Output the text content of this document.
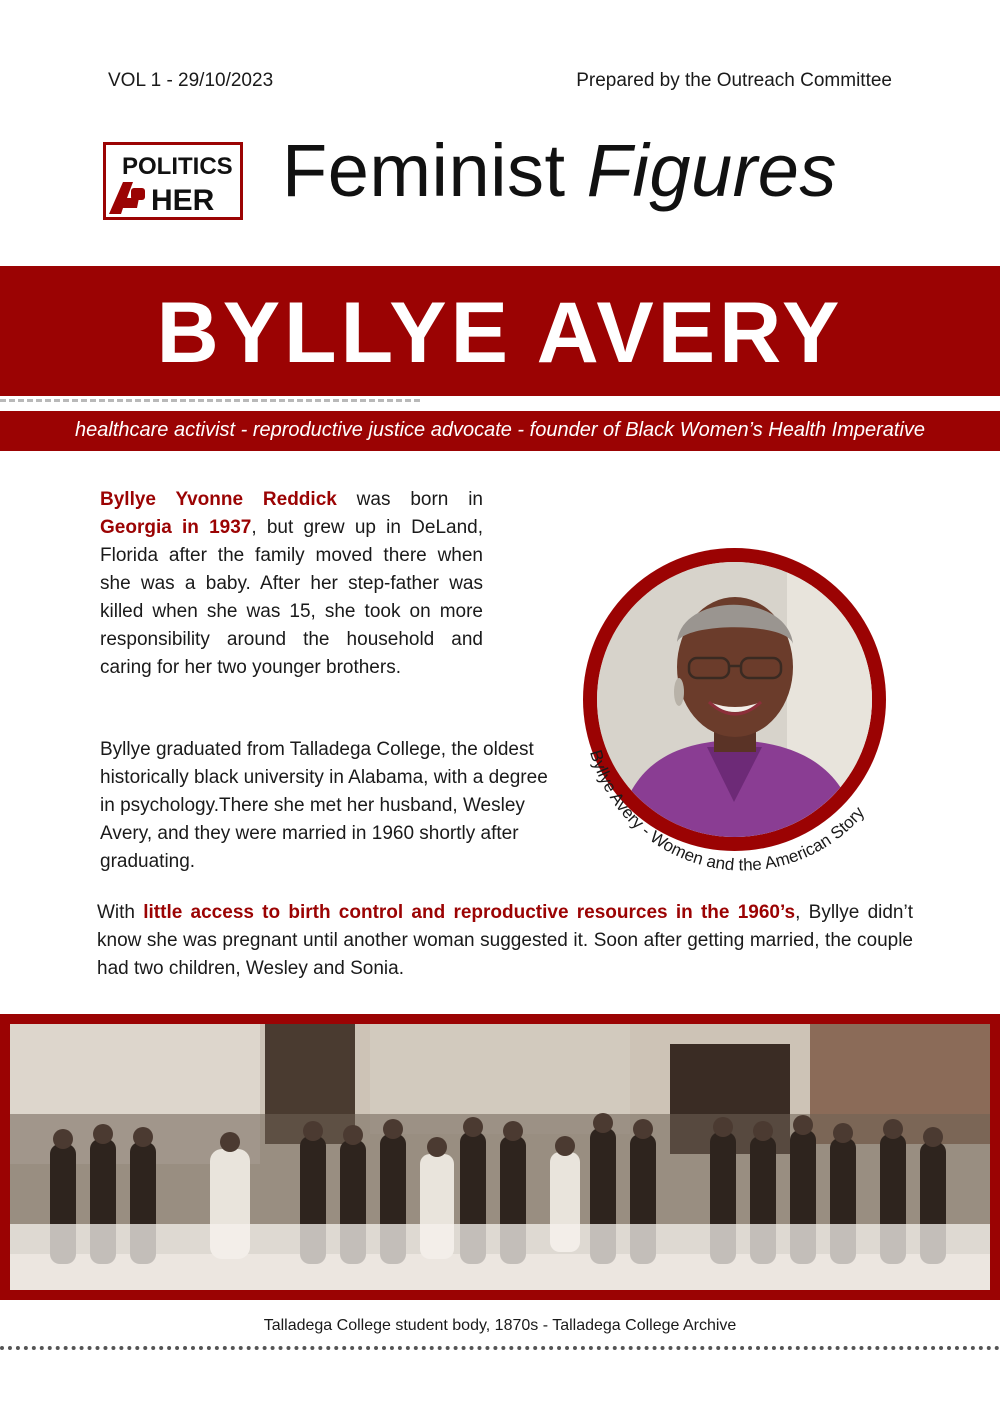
VOL 1 - 29/10/2023	Prepared by the Outreach Committee
POLITICS
HER Feminist Figures
BYLLYE AVERY
healthcare activist - reproductive justice advocate - founder of Black Women’s Health Imperative
Byllye Yvonne Reddick was born in Georgia in 1937, but grew up in DeLand, Florida after the family moved there when she was a baby. After her step-father was killed when she was 15, she took on more responsibility around the household and caring for her two younger brothers.
Byllye graduated from Talladega College, the oldest historically black university in Alabama, with a degree in psychology.There she met her husband, Wesley Avery, and they were married in 1960 shortly after graduating.
Byllye Avery - Women and the American Story
With little access to birth control and reproductive resources in the 1960’s, Byllye didn’t know she was pregnant until another woman suggested it. Soon after getting married, the couple had two children, Wesley and Sonia.
Talladega College student body, 1870s - Talladega College Archive
